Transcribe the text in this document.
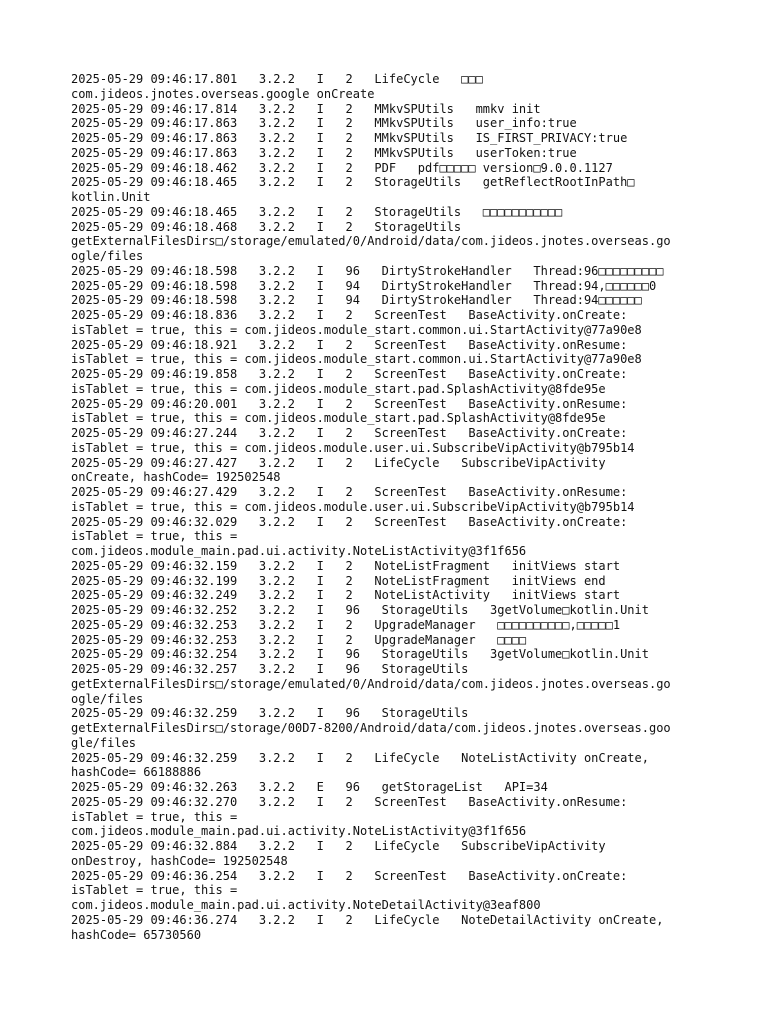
2025-05-29 09:46:17.801   3.2.2   I   2   LifeCycle   □□□

com.jideos.jnotes.overseas.google onCreate

2025-05-29 09:46:17.814   3.2.2   I   2   MMkvSPUtils   mmkv init

2025-05-29 09:46:17.863   3.2.2   I   2   MMkvSPUtils   user_info:true

2025-05-29 09:46:17.863   3.2.2   I   2   MMkvSPUtils   IS_FIRST_PRIVACY:true

2025-05-29 09:46:17.863   3.2.2   I   2   MMkvSPUtils   userToken:true

2025-05-29 09:46:18.462   3.2.2   I   2   PDF   pdf□□□□□ version□9.0.0.1127

2025-05-29 09:46:18.465   3.2.2   I   2   StorageUtils   getReflectRootInPath□

kotlin.Unit

2025-05-29 09:46:18.465   3.2.2   I   2   StorageUtils   □□□□□□□□□□□

2025-05-29 09:46:18.468   3.2.2   I   2   StorageUtils

getExternalFilesDirs□/storage/emulated/0/Android/data/com.jideos.jnotes.overseas.go

ogle/files

2025-05-29 09:46:18.598   3.2.2   I   96   DirtyStrokeHandler   Thread:96□□□□□□□□□

2025-05-29 09:46:18.598   3.2.2   I   94   DirtyStrokeHandler   Thread:94,□□□□□□0

2025-05-29 09:46:18.598   3.2.2   I   94   DirtyStrokeHandler   Thread:94□□□□□□

2025-05-29 09:46:18.836   3.2.2   I   2   ScreenTest   BaseActivity.onCreate:

isTablet = true, this = com.jideos.module_start.common.ui.StartActivity@77a90e8

2025-05-29 09:46:18.921   3.2.2   I   2   ScreenTest   BaseActivity.onResume:

isTablet = true, this = com.jideos.module_start.common.ui.StartActivity@77a90e8

2025-05-29 09:46:19.858   3.2.2   I   2   ScreenTest   BaseActivity.onCreate:

isTablet = true, this = com.jideos.module_start.pad.SplashActivity@8fde95e

2025-05-29 09:46:20.001   3.2.2   I   2   ScreenTest   BaseActivity.onResume:

isTablet = true, this = com.jideos.module_start.pad.SplashActivity@8fde95e

2025-05-29 09:46:27.244   3.2.2   I   2   ScreenTest   BaseActivity.onCreate:

isTablet = true, this = com.jideos.module.user.ui.SubscribeVipActivity@b795b14

2025-05-29 09:46:27.427   3.2.2   I   2   LifeCycle   SubscribeVipActivity

onCreate, hashCode= 192502548

2025-05-29 09:46:27.429   3.2.2   I   2   ScreenTest   BaseActivity.onResume:

isTablet = true, this = com.jideos.module.user.ui.SubscribeVipActivity@b795b14

2025-05-29 09:46:32.029   3.2.2   I   2   ScreenTest   BaseActivity.onCreate:

isTablet = true, this =

com.jideos.module_main.pad.ui.activity.NoteListActivity@3f1f656

2025-05-29 09:46:32.159   3.2.2   I   2   NoteListFragment   initViews start

2025-05-29 09:46:32.199   3.2.2   I   2   NoteListFragment   initViews end

2025-05-29 09:46:32.249   3.2.2   I   2   NoteListActivity   initViews start

2025-05-29 09:46:32.252   3.2.2   I   96   StorageUtils   3getVolume□kotlin.Unit

2025-05-29 09:46:32.253   3.2.2   I   2   UpgradeManager   □□□□□□□□□□,□□□□□1

2025-05-29 09:46:32.253   3.2.2   I   2   UpgradeManager   □□□□

2025-05-29 09:46:32.254   3.2.2   I   96   StorageUtils   3getVolume□kotlin.Unit

2025-05-29 09:46:32.257   3.2.2   I   96   StorageUtils

getExternalFilesDirs□/storage/emulated/0/Android/data/com.jideos.jnotes.overseas.go

ogle/files

2025-05-29 09:46:32.259   3.2.2   I   96   StorageUtils

getExternalFilesDirs□/storage/00D7-8200/Android/data/com.jideos.jnotes.overseas.goo

gle/files

2025-05-29 09:46:32.259   3.2.2   I   2   LifeCycle   NoteListActivity onCreate,

hashCode= 66188886

2025-05-29 09:46:32.263   3.2.2   E   96   getStorageList   API=34

2025-05-29 09:46:32.270   3.2.2   I   2   ScreenTest   BaseActivity.onResume:

isTablet = true, this =

com.jideos.module_main.pad.ui.activity.NoteListActivity@3f1f656

2025-05-29 09:46:32.884   3.2.2   I   2   LifeCycle   SubscribeVipActivity

onDestroy, hashCode= 192502548

2025-05-29 09:46:36.254   3.2.2   I   2   ScreenTest   BaseActivity.onCreate:

isTablet = true, this =

com.jideos.module_main.pad.ui.activity.NoteDetailActivity@3eaf800

2025-05-29 09:46:36.274   3.2.2   I   2   LifeCycle   NoteDetailActivity onCreate,

hashCode= 65730560
